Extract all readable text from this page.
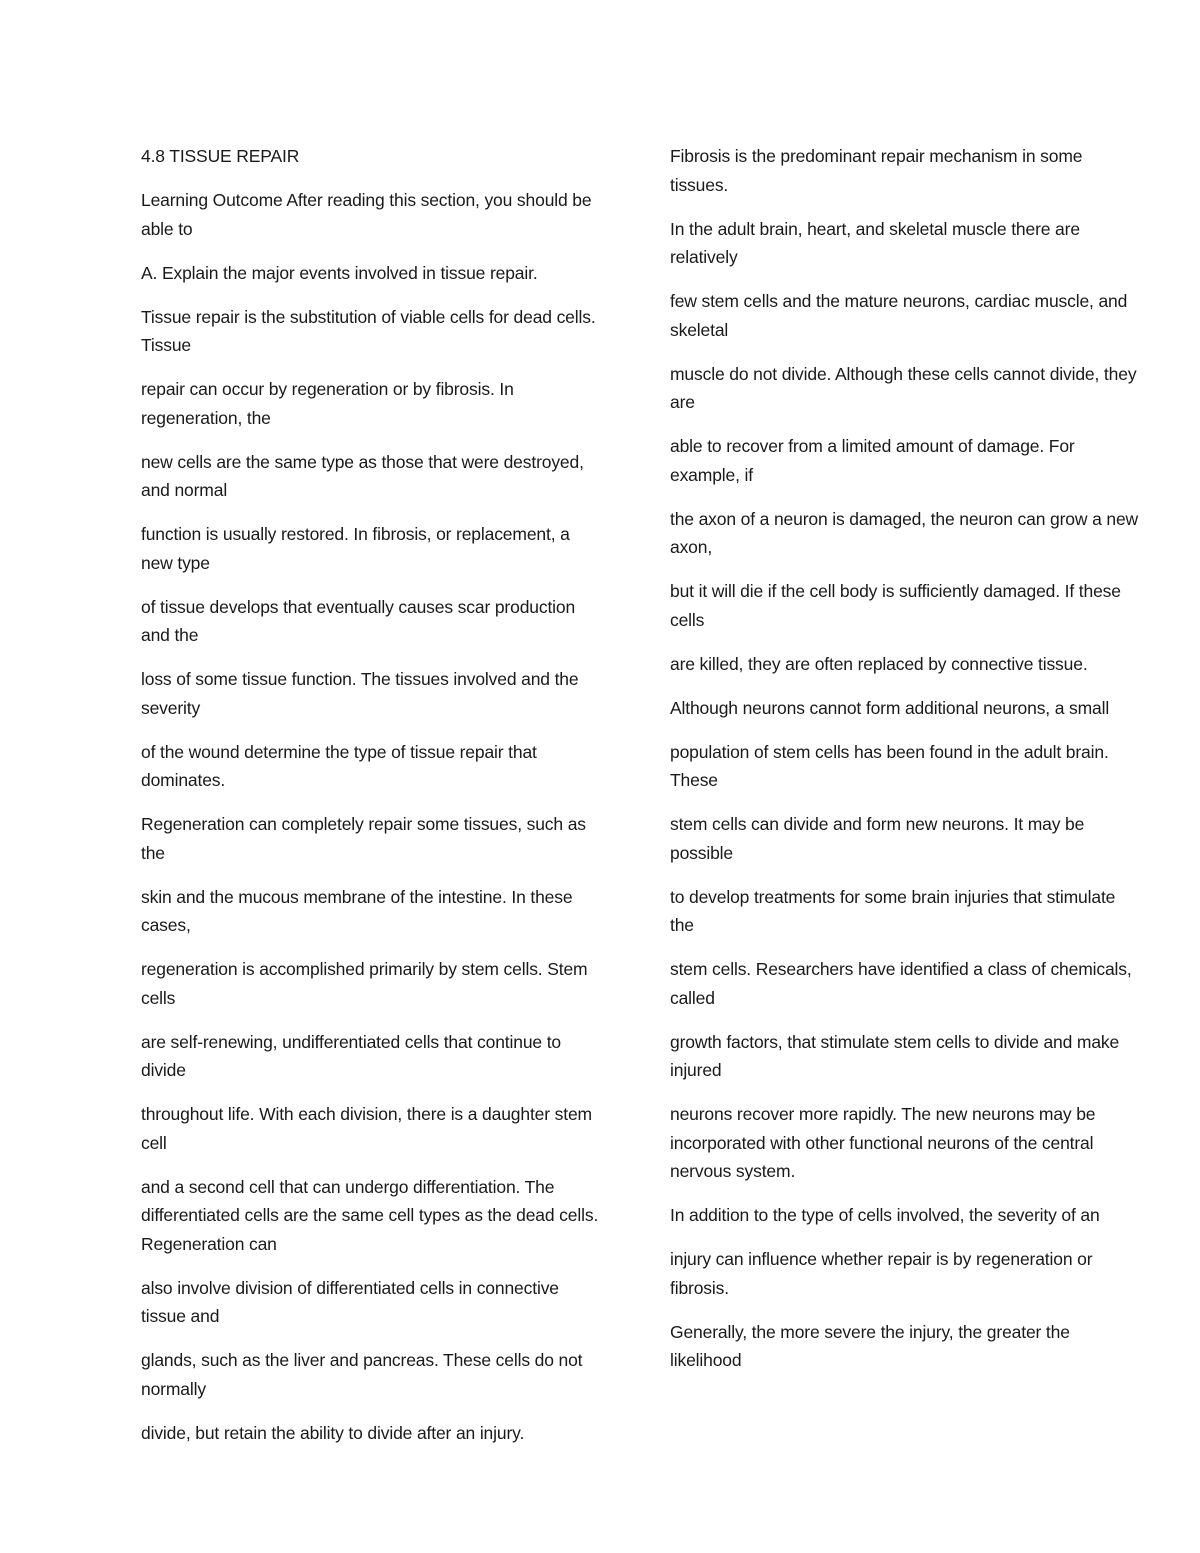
4.8 TISSUE REPAIR

Learning Outcome After reading this section, you should be able to

A. Explain the major events involved in tissue repair.

Tissue repair is the substitution of viable cells for dead cells. Tissue

repair can occur by regeneration or by fibrosis. In regeneration, the

new cells are the same type as those that were destroyed, and normal

function is usually restored. In fibrosis, or replacement, a new type

of tissue develops that eventually causes scar production and the

loss of some tissue function. The tissues involved and the severity

of the wound determine the type of tissue repair that dominates.

Regeneration can completely repair some tissues, such as the

skin and the mucous membrane of the intestine. In these cases,

regeneration is accomplished primarily by stem cells. Stem cells

are self-renewing, undifferentiated cells that continue to divide

throughout life. With each division, there is a daughter stem cell

and a second cell that can undergo differentiation. The differentiated cells are the same cell types as the dead cells. Regeneration can

also involve division of differentiated cells in connective tissue and

glands, such as the liver and pancreas. These cells do not normally

divide, but retain the ability to divide after an injury.

Fibrosis is the predominant repair mechanism in some tissues.

In the adult brain, heart, and skeletal muscle there are relatively

few stem cells and the mature neurons, cardiac muscle, and skeletal

muscle do not divide. Although these cells cannot divide, they are

able to recover from a limited amount of damage. For example, if

the axon of a neuron is damaged, the neuron can grow a new axon,

but it will die if the cell body is sufficiently damaged. If these cells

are killed, they are often replaced by connective tissue.

Although neurons cannot form additional neurons, a small

population of stem cells has been found in the adult brain. These

stem cells can divide and form new neurons. It may be possible

to develop treatments for some brain injuries that stimulate the

stem cells. Researchers have identified a class of chemicals, called

growth factors, that stimulate stem cells to divide and make injured

neurons recover more rapidly. The new neurons may be incorporated with other functional neurons of the central nervous system.

In addition to the type of cells involved, the severity of an

injury can influence whether repair is by regeneration or fibrosis.

Generally, the more severe the injury, the greater the likelihood
